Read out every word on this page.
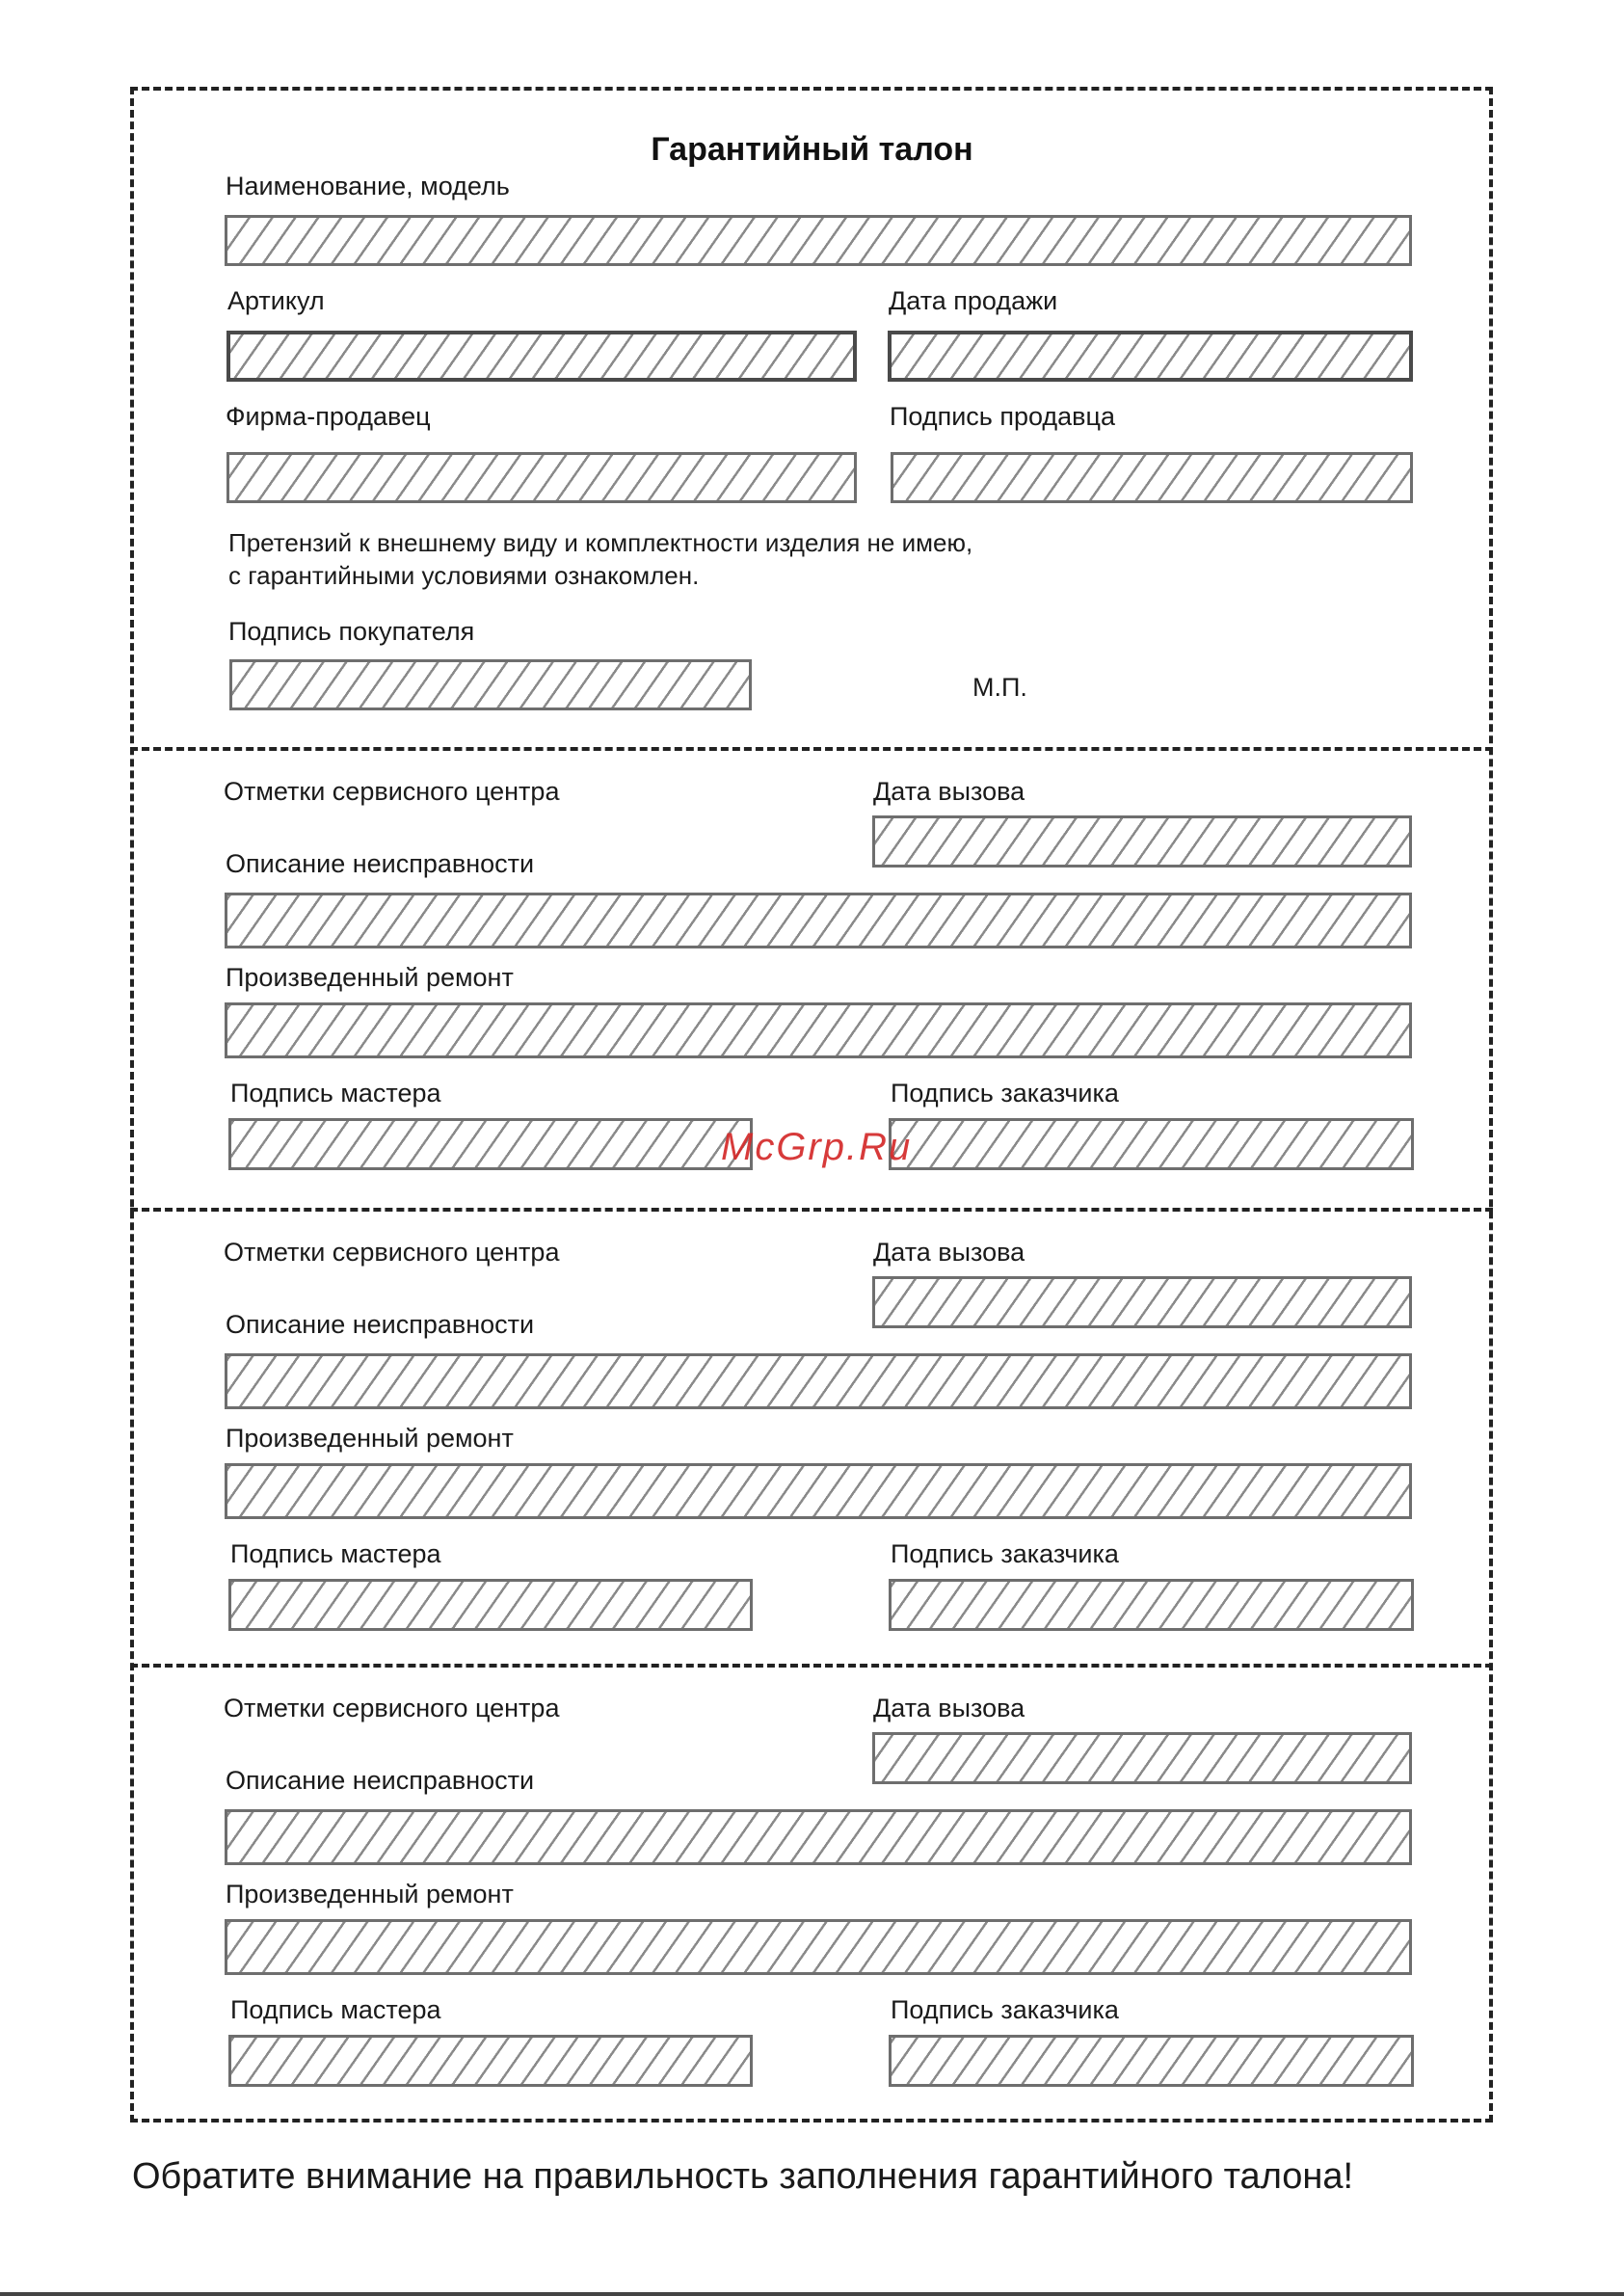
Гарантийный талон
Наименование, модель
Артикул	Дата продажи
Фирма-продавец	Подпись продавца
Претензий к внешнему виду и комплектности изделия не имею,
с гарантийными условиями ознакомлен.
Подпись покупателя
М.П.
Отметки сервисного центра	Дата вызова
Описание неисправности
Произведенный ремонт
Подпись мастера	Подпись заказчика
Отметки сервисного центра	Дата вызова
Описание неисправности
Произведенный ремонт
Подпись мастера	Подпись заказчика
Отметки сервисного центра	Дата вызова
Описание неисправности
Произведенный ремонт
Подпись мастера	Подпись заказчика
McGrp.Ru
Обратите внимание на правильность заполнения гарантийного талона!
